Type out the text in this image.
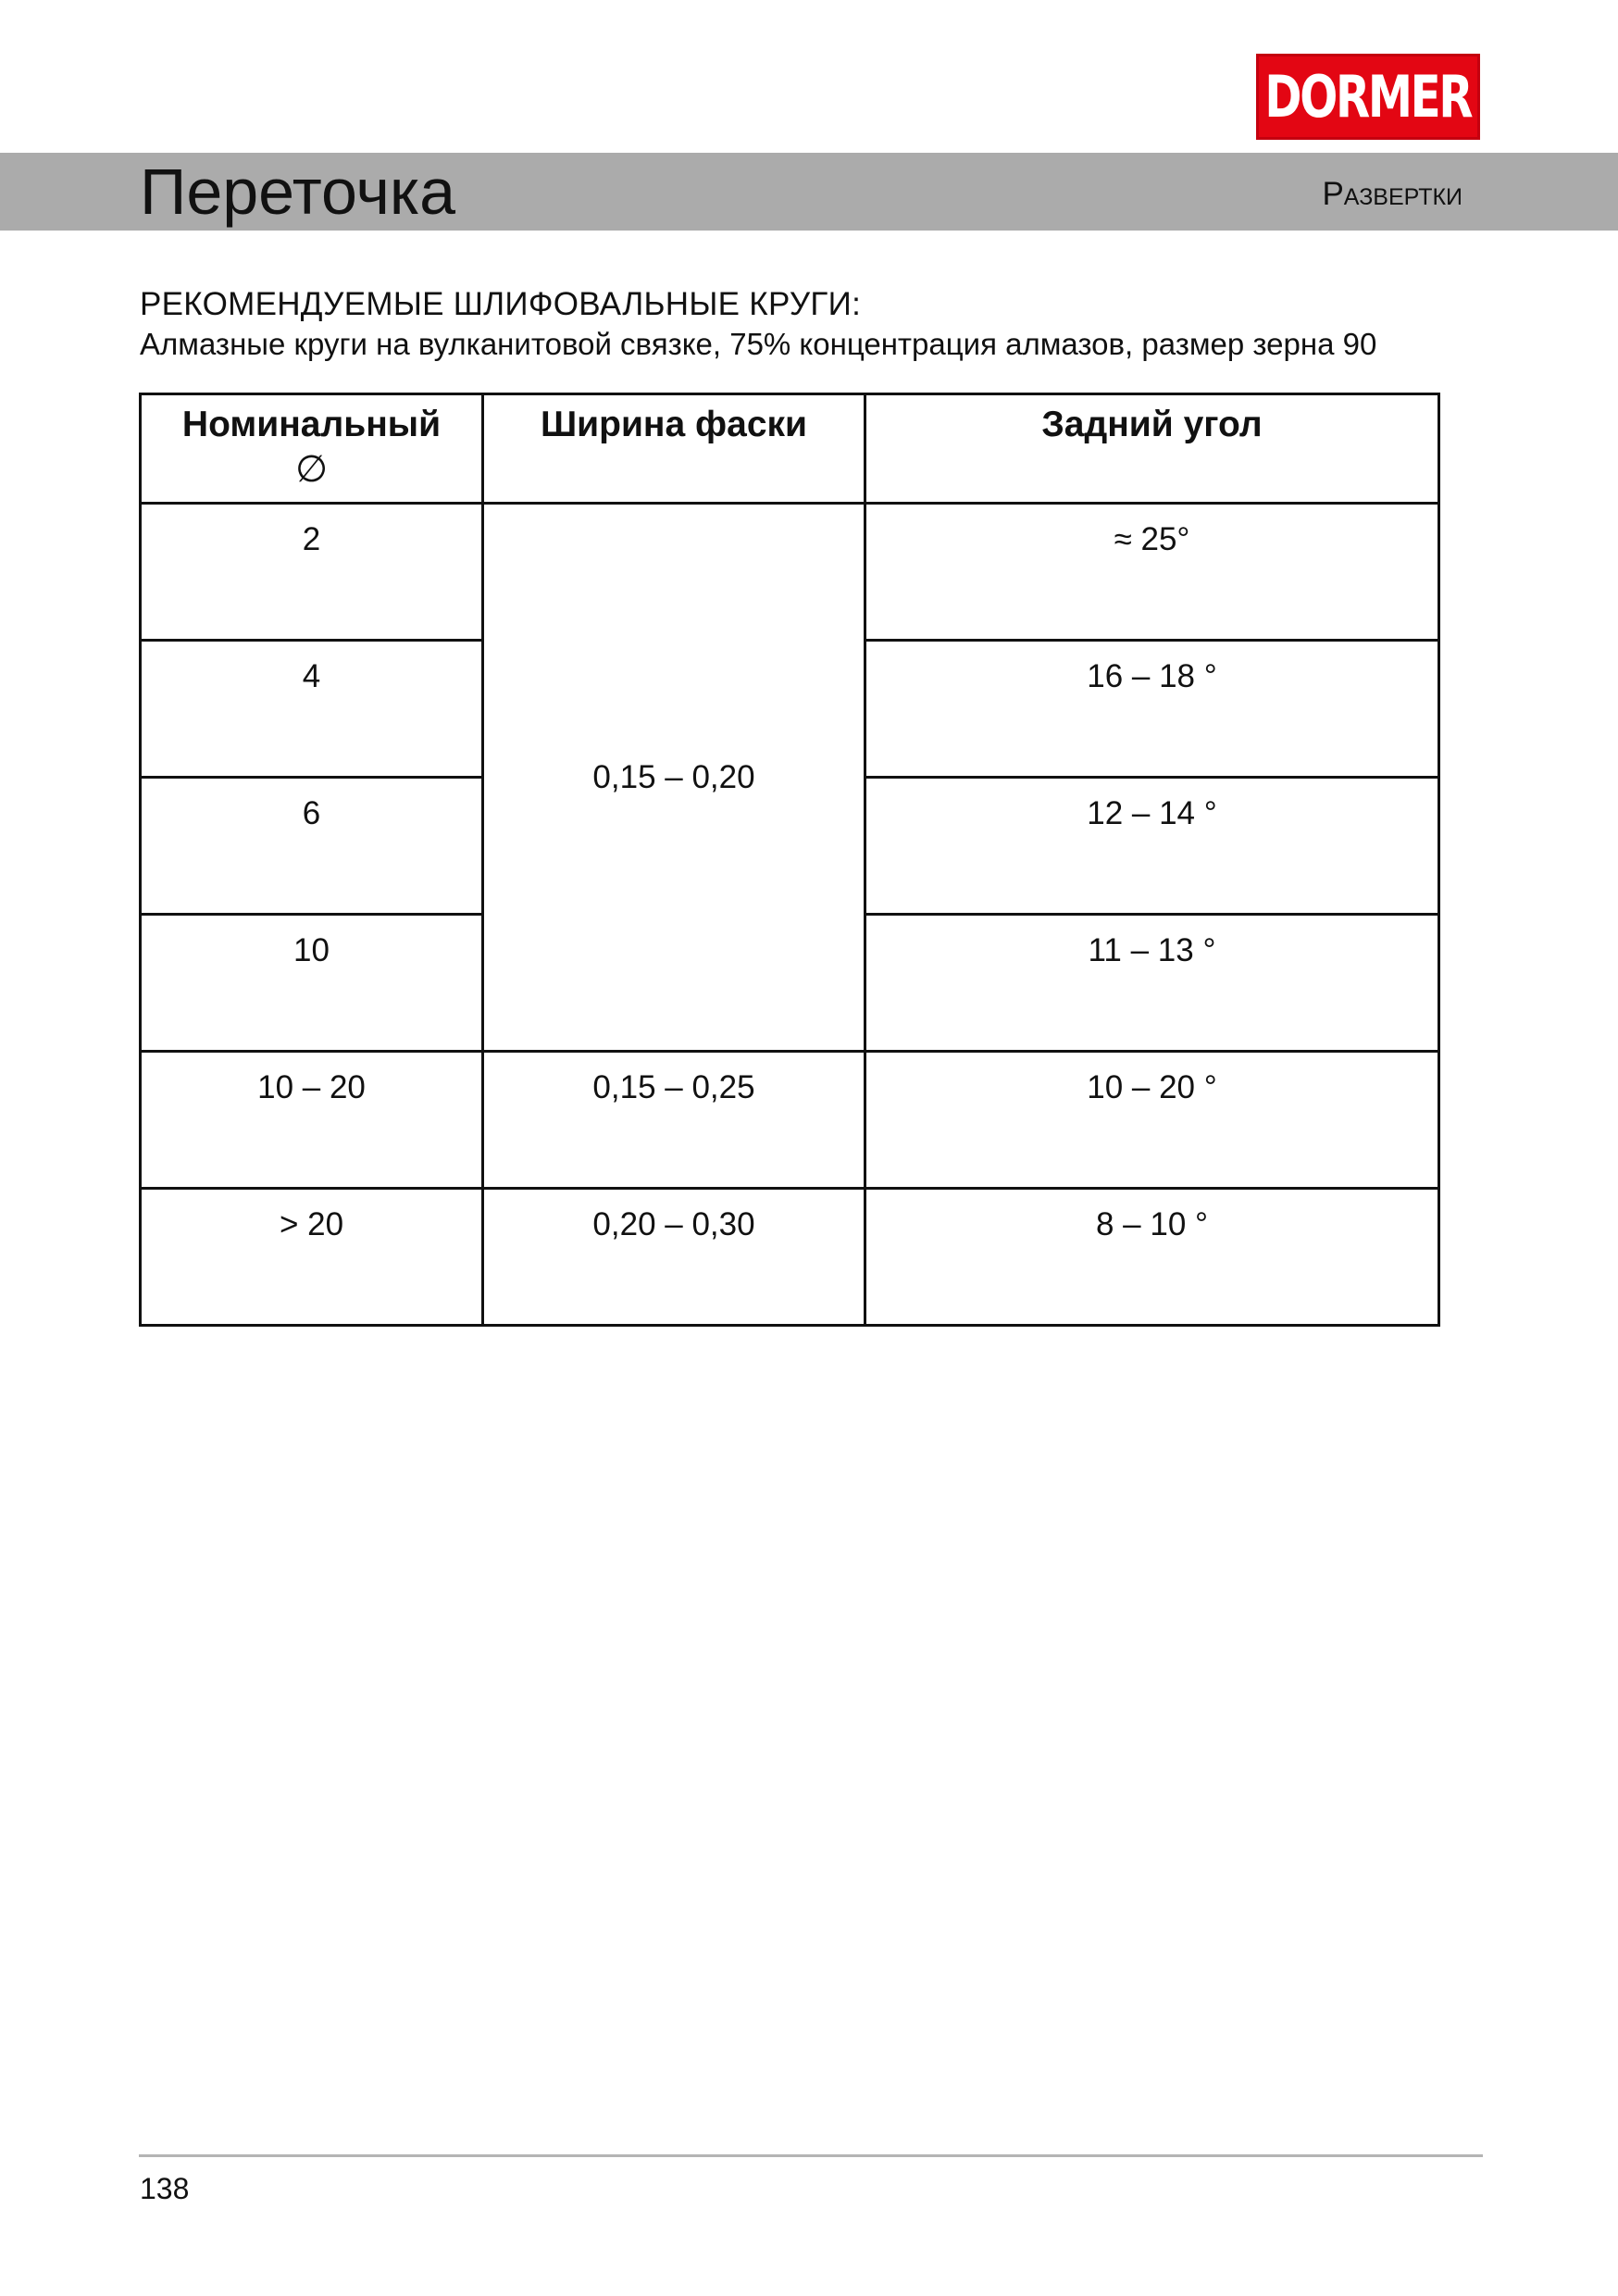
DORMER
Переточка	Развертки
РЕКОМЕНДУЕМЫЕ ШЛИФОВАЛЬНЫЕ КРУГИ:
Алмазные круги на вулканитовой связке, 75% концентрация алмазов, размер зерна 90
Номинальный
∅	Ширина фаски	Задний угол
2	0,15 – 0,20	≈ 25°
4		16 – 18 °
6		12 – 14 °
10		11 – 13 °
10 – 20	0,15 – 0,25	10 – 20 °
> 20	0,20 – 0,30	8 – 10 °
138
